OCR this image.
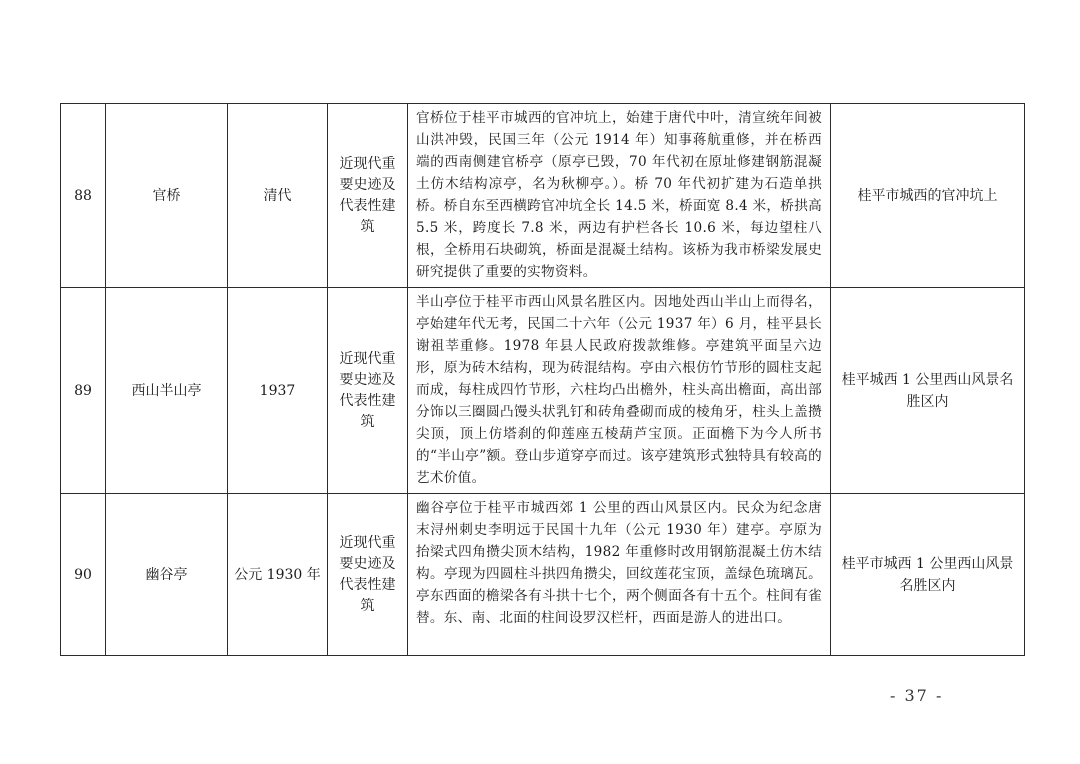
88	官桥	清代	近现代重要史迹及代表性建筑	官桥位于桂平市城西的官冲坑上，始建于唐代中叶，清宣统年间被山洪冲毁，民国三年（公元 1914 年）知事蒋航重修，并在桥西端的西南侧建官桥亭（原亭已毁，70 年代初在原址修建钢筋混凝土仿木结构凉亭，名为秋柳亭。）。桥 70 年代初扩建为石造单拱桥。桥自东至西横跨官冲坑全长 14.5 米，桥面宽 8.4 米，桥拱高 5.5 米，跨度长 7.8 米，两边有护栏各长 10.6 米，每边望柱八根，全桥用石块砌筑，桥面是混凝土结构。该桥为我市桥梁发展史研究提供了重要的实物资料。	桂平市城西的官冲坑上
89	西山半山亭	1937	近现代重要史迹及代表性建筑	半山亭位于桂平市西山风景名胜区内。因地处西山半山上而得名，亭始建年代无考，民国二十六年（公元 1937 年）6 月，桂平县长谢祖莘重修。1978 年县人民政府拨款维修。亭建筑平面呈六边形，原为砖木结构，现为砖混结构。亭由六根仿竹节形的圆柱支起而成，每柱成四竹节形，六柱均凸出檐外，柱头高出檐面，高出部分饰以三圈圆凸馒头状乳钉和砖角叠砌而成的棱角牙，柱头上盖攒尖顶，顶上仿塔刹的仰莲座五棱葫芦宝顶。正面檐下为今人所书的“半山亭”额。登山步道穿亭而过。该亭建筑形式独特具有较高的艺术价值。	桂平城西 1 公里西山风景名胜区内
90	幽谷亭	公元 1930 年	近现代重要史迹及代表性建筑	幽谷亭位于桂平市城西郊 1 公里的西山风景区内。民众为纪念唐末浔州刺史李明远于民国十九年（公元 1930 年）建亭。亭原为抬梁式四角攒尖顶木结构，1982 年重修时改用钢筋混凝土仿木结构。亭现为四圆柱斗拱四角攒尖，回纹莲花宝顶，盖绿色琉璃瓦。亭东西面的檐梁各有斗拱十七个，两个侧面各有十五个。柱间有雀替。东、南、北面的柱间设罗汉栏杆，西面是游人的进出口。	桂平市城西 1 公里西山风景名胜区内
- 37 -
